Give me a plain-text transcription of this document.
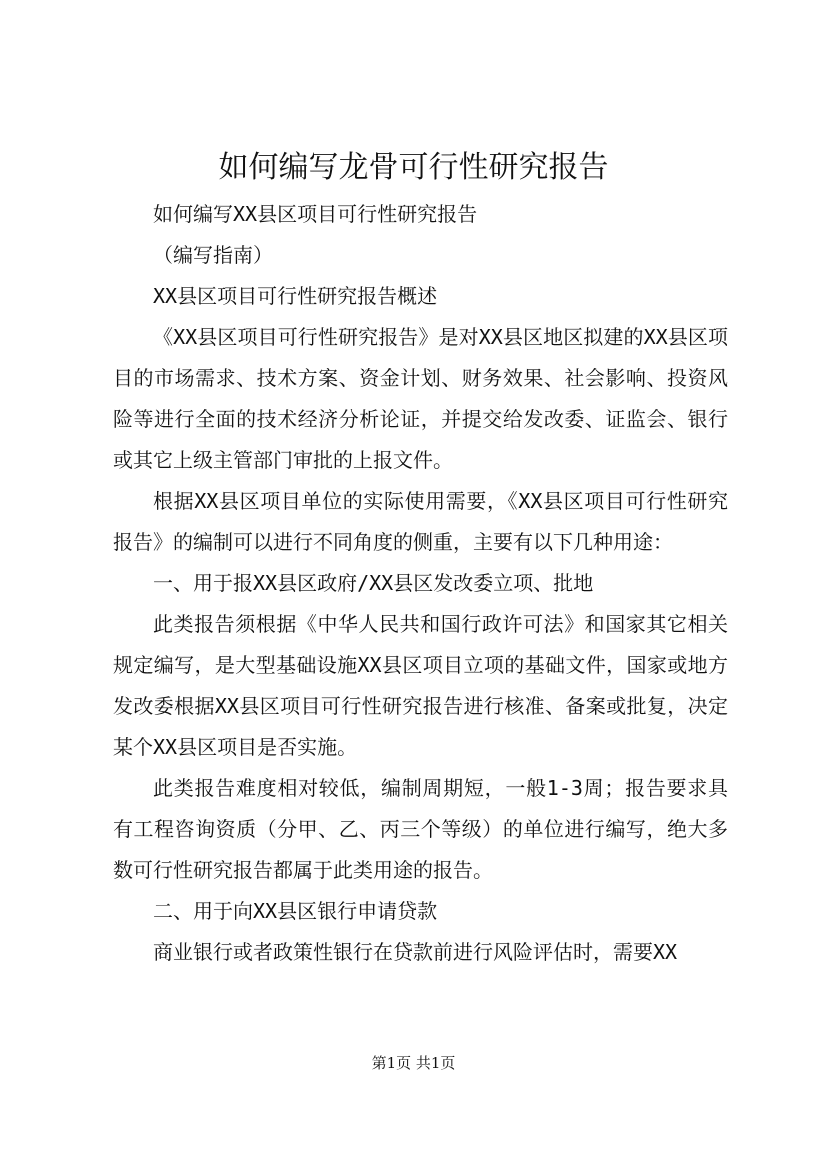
如何编写龙骨可行性研究报告

如何编写XX县区项目可行性研究报告

（编写指南）

XX县区项目可行性研究报告概述

《XX县区项目可行性研究报告》是对XX县区地区拟建的XX县区项目的市场需求、技术方案、资金计划、财务效果、社会影响、投资风险等进行全面的技术经济分析论证，并提交给发改委、证监会、银行或其它上级主管部门审批的上报文件。

根据XX县区项目单位的实际使用需要，《XX县区项目可行性研究报告》的编制可以进行不同角度的侧重，主要有以下几种用途：

一、用于报XX县区政府/XX县区发改委立项、批地

此类报告须根据《中华人民共和国行政许可法》和国家其它相关规定编写，是大型基础设施XX县区项目立项的基础文件，国家或地方发改委根据XX县区项目可行性研究报告进行核准、备案或批复，决定某个XX县区项目是否实施。

此类报告难度相对较低，编制周期短，一般1-3周；报告要求具有工程咨询资质（分甲、乙、丙三个等级）的单位进行编写，绝大多数可行性研究报告都属于此类用途的报告。

二、用于向XX县区银行申请贷款

商业银行或者政策性银行在贷款前进行风险评估时，需要XX

第1页 共1页
